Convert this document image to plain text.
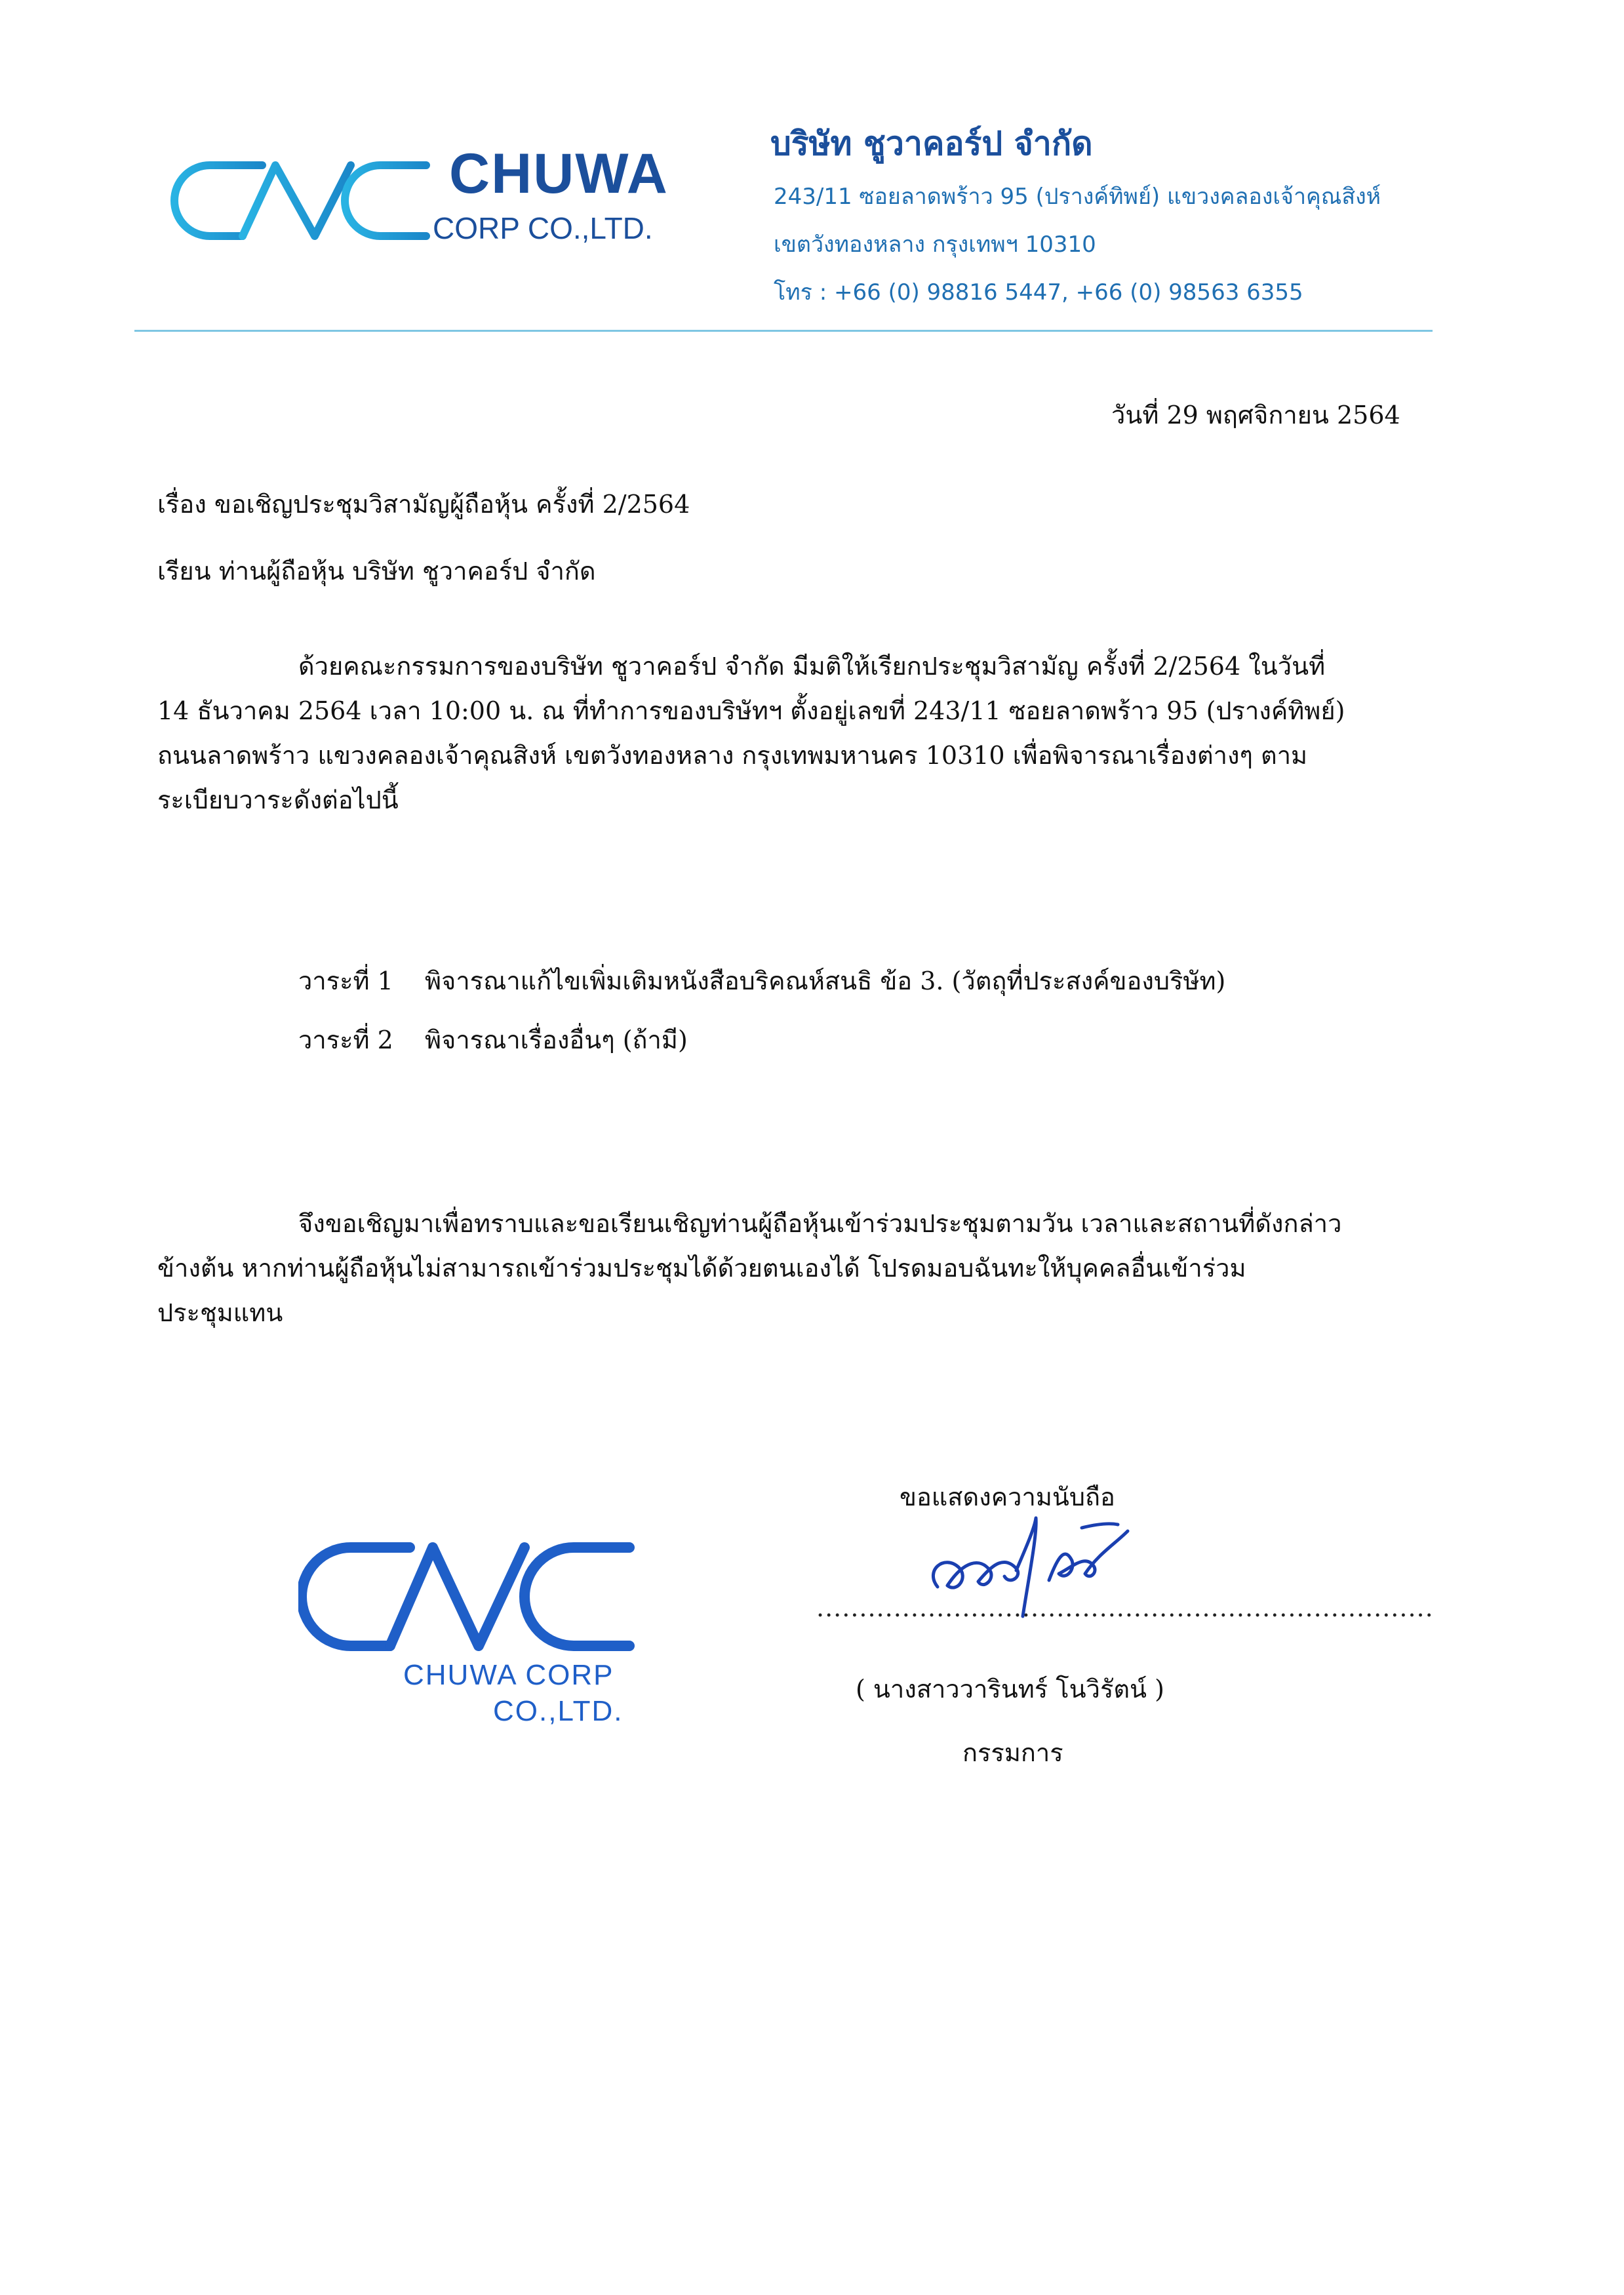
CHUWA
CORP CO.,LTD.
บริษัท ชูวาคอร์ป จำกัด
243/11 ซอยลาดพร้าว 95 (ปรางค์ทิพย์) แขวงคลองเจ้าคุณสิงห์
เขตวังทองหลาง กรุงเทพฯ 10310
โทร : +66 (0) 98816 5447, +66 (0) 98563 6355
วันที่ 29 พฤศจิกายน 2564
เรื่อง ขอเชิญประชุมวิสามัญผู้ถือหุ้น ครั้งที่ 2/2564
เรียน ท่านผู้ถือหุ้น บริษัท ชูวาคอร์ป จำกัด
ด้วยคณะกรรมการของบริษัท ชูวาคอร์ป จำกัด มีมติให้เรียกประชุมวิสามัญ ครั้งที่ 2/2564 ในวันที่
14 ธันวาคม 2564 เวลา 10:00 น. ณ ที่ทำการของบริษัทฯ ตั้งอยู่เลขที่ 243/11 ซอยลาดพร้าว 95 (ปรางค์ทิพย์)
ถนนลาดพร้าว แขวงคลองเจ้าคุณสิงห์ เขตวังทองหลาง กรุงเทพมหานคร 10310 เพื่อพิจารณาเรื่องต่างๆ ตาม
ระเบียบวาระดังต่อไปนี้
วาระที่ 1 พิจารณาแก้ไขเพิ่มเติมหนังสือบริคณห์สนธิ ข้อ 3. (วัตถุที่ประสงค์ของบริษัท)
วาระที่ 2 พิจารณาเรื่องอื่นๆ (ถ้ามี)
จึงขอเชิญมาเพื่อทราบและขอเรียนเชิญท่านผู้ถือหุ้นเข้าร่วมประชุมตามวัน เวลาและสถานที่ดังกล่าว
ข้างต้น หากท่านผู้ถือหุ้นไม่สามารถเข้าร่วมประชุมได้ด้วยตนเองได้ โปรดมอบฉันทะให้บุคคลอื่นเข้าร่วม
ประชุมแทน
ขอแสดงความนับถือ
........................................................................
( นางสาววารินทร์ โนวิรัตน์ )
กรรมการ
CHUWA CORP
CO.,LTD.
